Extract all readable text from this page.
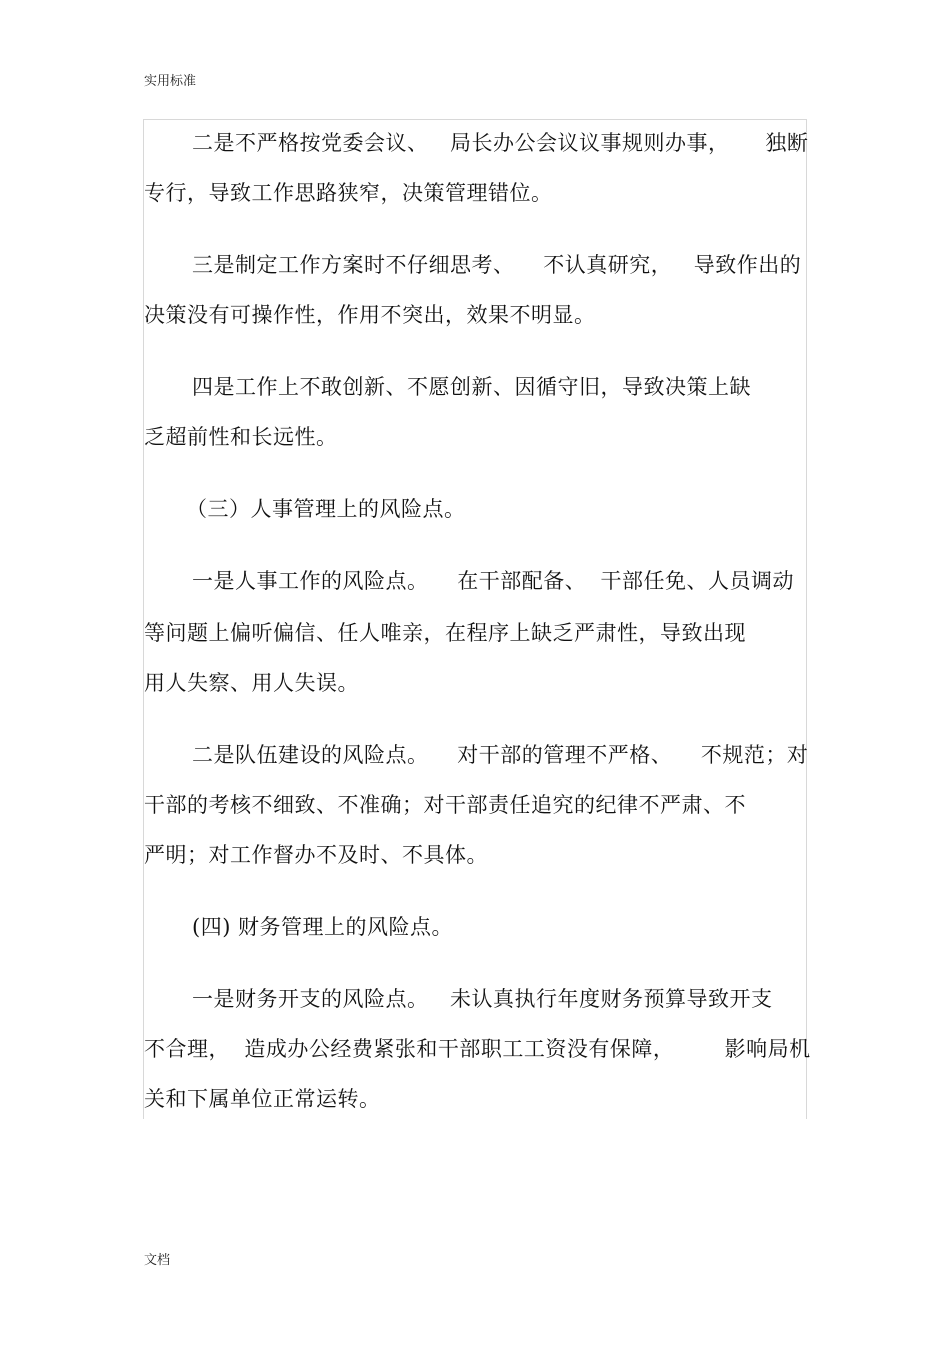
实用标准
二是不严格按党委会议、   局长办公会议议事规则办事，     独断
专行，导致工作思路狭窄，决策管理错位。
三是制定工作方案时不仔细思考、    不认真研究，   导致作出的
决策没有可操作性，作用不突出，效果不明显。
四是工作上不敢创新、不愿创新、因循守旧，导致决策上缺
乏超前性和长远性。
（三）人事管理上的风险点。
一是人事工作的风险点。    在干部配备、  干部任免、人员调动
等问题上偏听偏信、任人唯亲，在程序上缺乏严肃性，导致出现
用人失察、用人失误。
二是队伍建设的风险点。    对干部的管理不严格、    不规范；对
干部的考核不细致、不准确；对干部责任追究的纪律不严肃、不
严明；对工作督办不及时、不具体。
(四) 财务管理上的风险点。
一是财务开支的风险点。   未认真执行年度财务预算导致开支
不合理，  造成办公经费紧张和干部职工工资没有保障，       影响局机
关和下属单位正常运转。
文档
